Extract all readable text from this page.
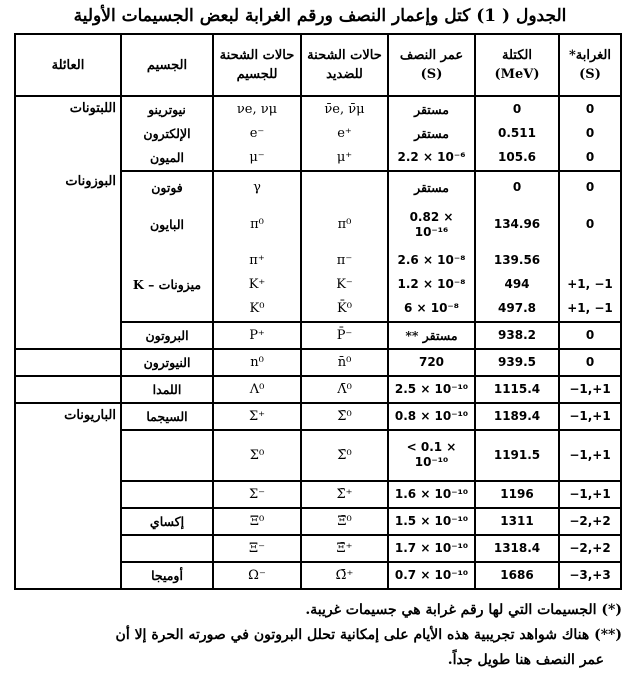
الجدول ( 1) كتل وإعمار النصف ورقم الغرابة لبعض الجسيمات الأولية
الغرابة* (S)	الكتلة (MeV)	عمر النصف (S)	حالات الشحنة للضديد	حالات الشحنة للجسيم	الجسيم	العائلة
0	0	مستقر	ν̄e, ν̄μ	νe, νμ	نيوترينو	اللبتونات
0	0.511	مستقر	e⁺	e⁻	الإلكترون	
0	105.6	2.2 × 10⁻⁶	μ⁺	μ⁻	الميون	
0	0	مستقر		γ	فوتون	البوزونات
0	134.96	0.82 × 10⁻¹⁶	π⁰	π⁰	البايون	
	139.56	2.6 × 10⁻⁸	π⁻	π⁺		
+1, −1	494	1.2 × 10⁻⁸	K⁻	K⁺	ميزونات – K	
+1, −1	497.8	6 × 10⁻⁸	K̄⁰	K⁰		
0	938.2	مستقر **	P̄⁻	P⁺	البروتون	
0	939.5	720	n̄⁰	n⁰	النيوترون	
−1,+1	1115.4	2.5 × 10⁻¹⁰	Λ̄⁰	Λ⁰	اللمدا	
−1,+1	1189.4	0.8 × 10⁻¹⁰	Σ̄⁰	Σ⁺	السيجما	الباريونات
−1,+1	1191.5	< 0.1 × 10⁻¹⁰	Σ̄⁰	Σ⁰		
−1,+1	1196	1.6 × 10⁻¹⁰	Σ̄⁺	Σ⁻		
−2,+2	1311	1.5 × 10⁻¹⁰	Ξ̄⁰	Ξ⁰	إكساي	
−2,+2	1318.4	1.7 × 10⁻¹⁰	Ξ̄⁺	Ξ⁻		
−3,+3	1686	0.7 × 10⁻¹⁰	Ω̄⁺	Ω⁻	أوميجا	

(*) الجسيمات التي لها رقم غرابة هي جسيمات غريبة.

(**) هناك شواهد تجريبية هذه الأيام على إمكانية تحلل البروتون في صورته الحرة إلا أن

عمر النصف هنا طويل جداً.
